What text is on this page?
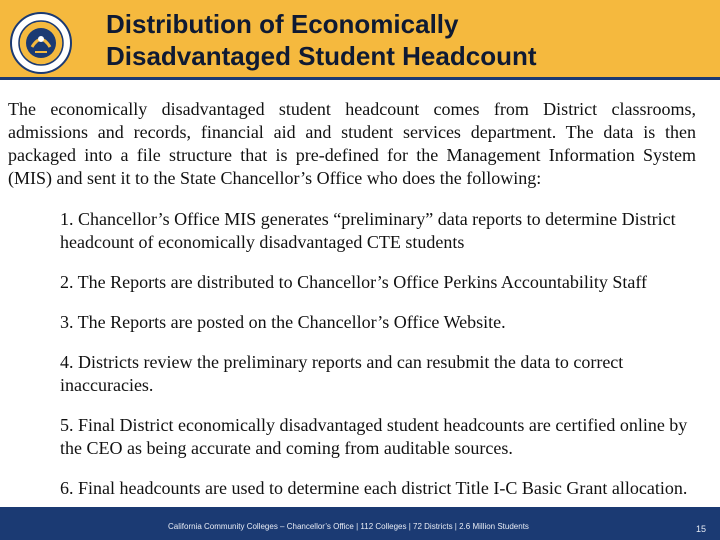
Distribution of Economically
Disadvantaged Student Headcount

The economically disadvantaged student headcount comes from District classrooms, admissions and records, financial aid and student services department. The data is then packaged into a file structure that is pre-defined for the Management Information System (MIS) and sent it to the State Chancellor’s Office who does the following:

1. Chancellor’s Office MIS generates “preliminary” data reports to determine District headcount of economically disadvantaged CTE students
2. The Reports are distributed to Chancellor’s Office Perkins Accountability Staff
3. The Reports are posted on the Chancellor’s Office Website.
4. Districts review the preliminary reports and can resubmit the data to correct inaccuracies.
5. Final District economically disadvantaged student headcounts are certified online by the CEO as being accurate and coming from auditable sources.
6. Final headcounts are used to determine each district Title I-C Basic Grant allocation.
California Community Colleges – Chancellor’s Office | 112 Colleges | 72 Districts | 2.6 Million Students	15
